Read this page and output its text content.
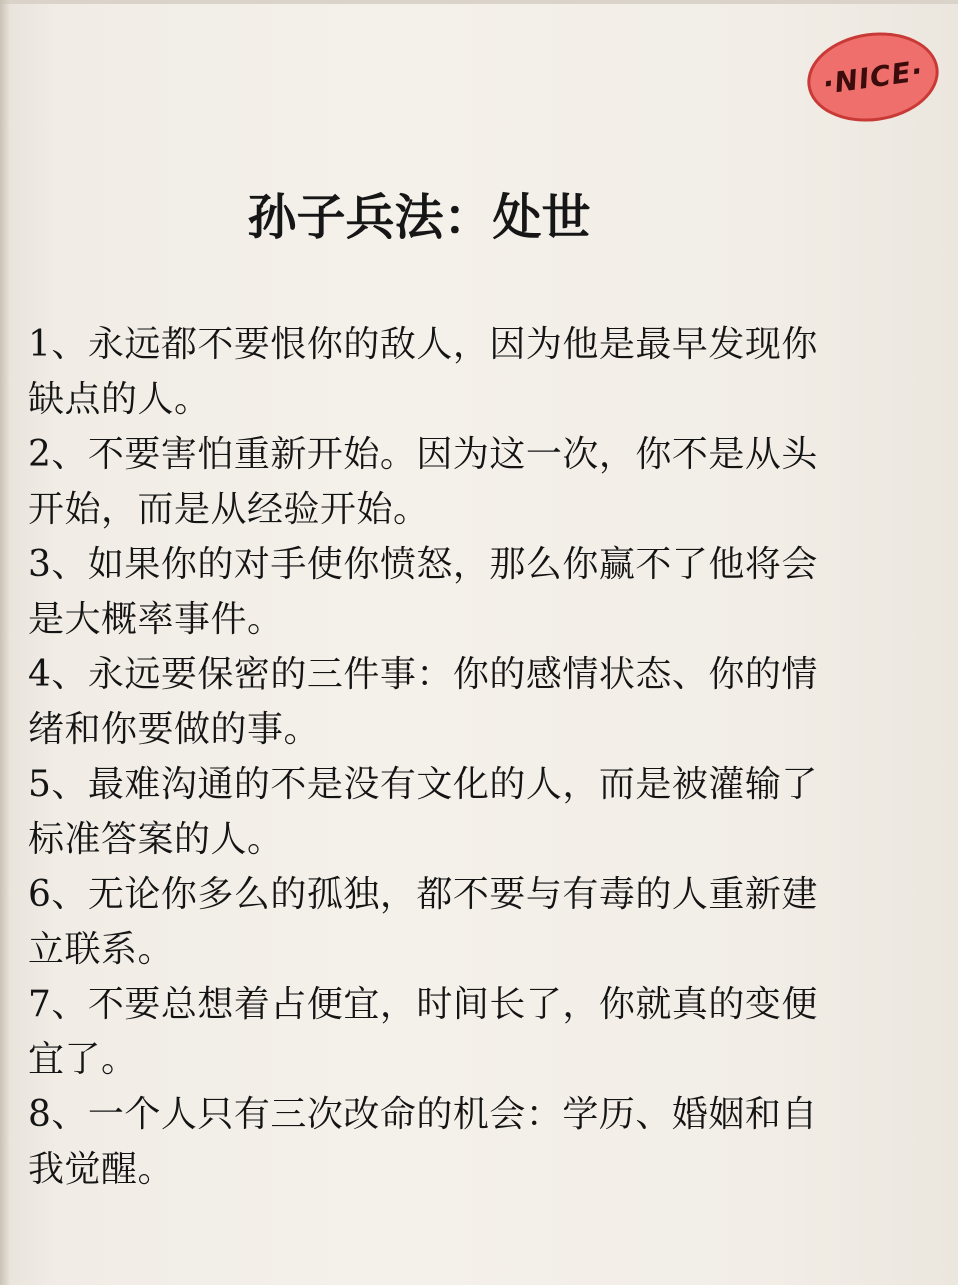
·NICE·
孙子兵法：处世
1、永远都不要恨你的敌人，因为他是最早发现你缺点的人。
2、不要害怕重新开始。因为这一次，你不是从头开始，而是从经验开始。
3、如果你的对手使你愤怒，那么你赢不了他将会是大概率事件。
4、永远要保密的三件事：你的感情状态、你的情绪和你要做的事。
5、最难沟通的不是没有文化的人，而是被灌输了标准答案的人。
6、无论你多么的孤独，都不要与有毒的人重新建立联系。
7、不要总想着占便宜，时间长了，你就真的变便宜了。
8、一个人只有三次改命的机会：学历、婚姻和自我觉醒。
